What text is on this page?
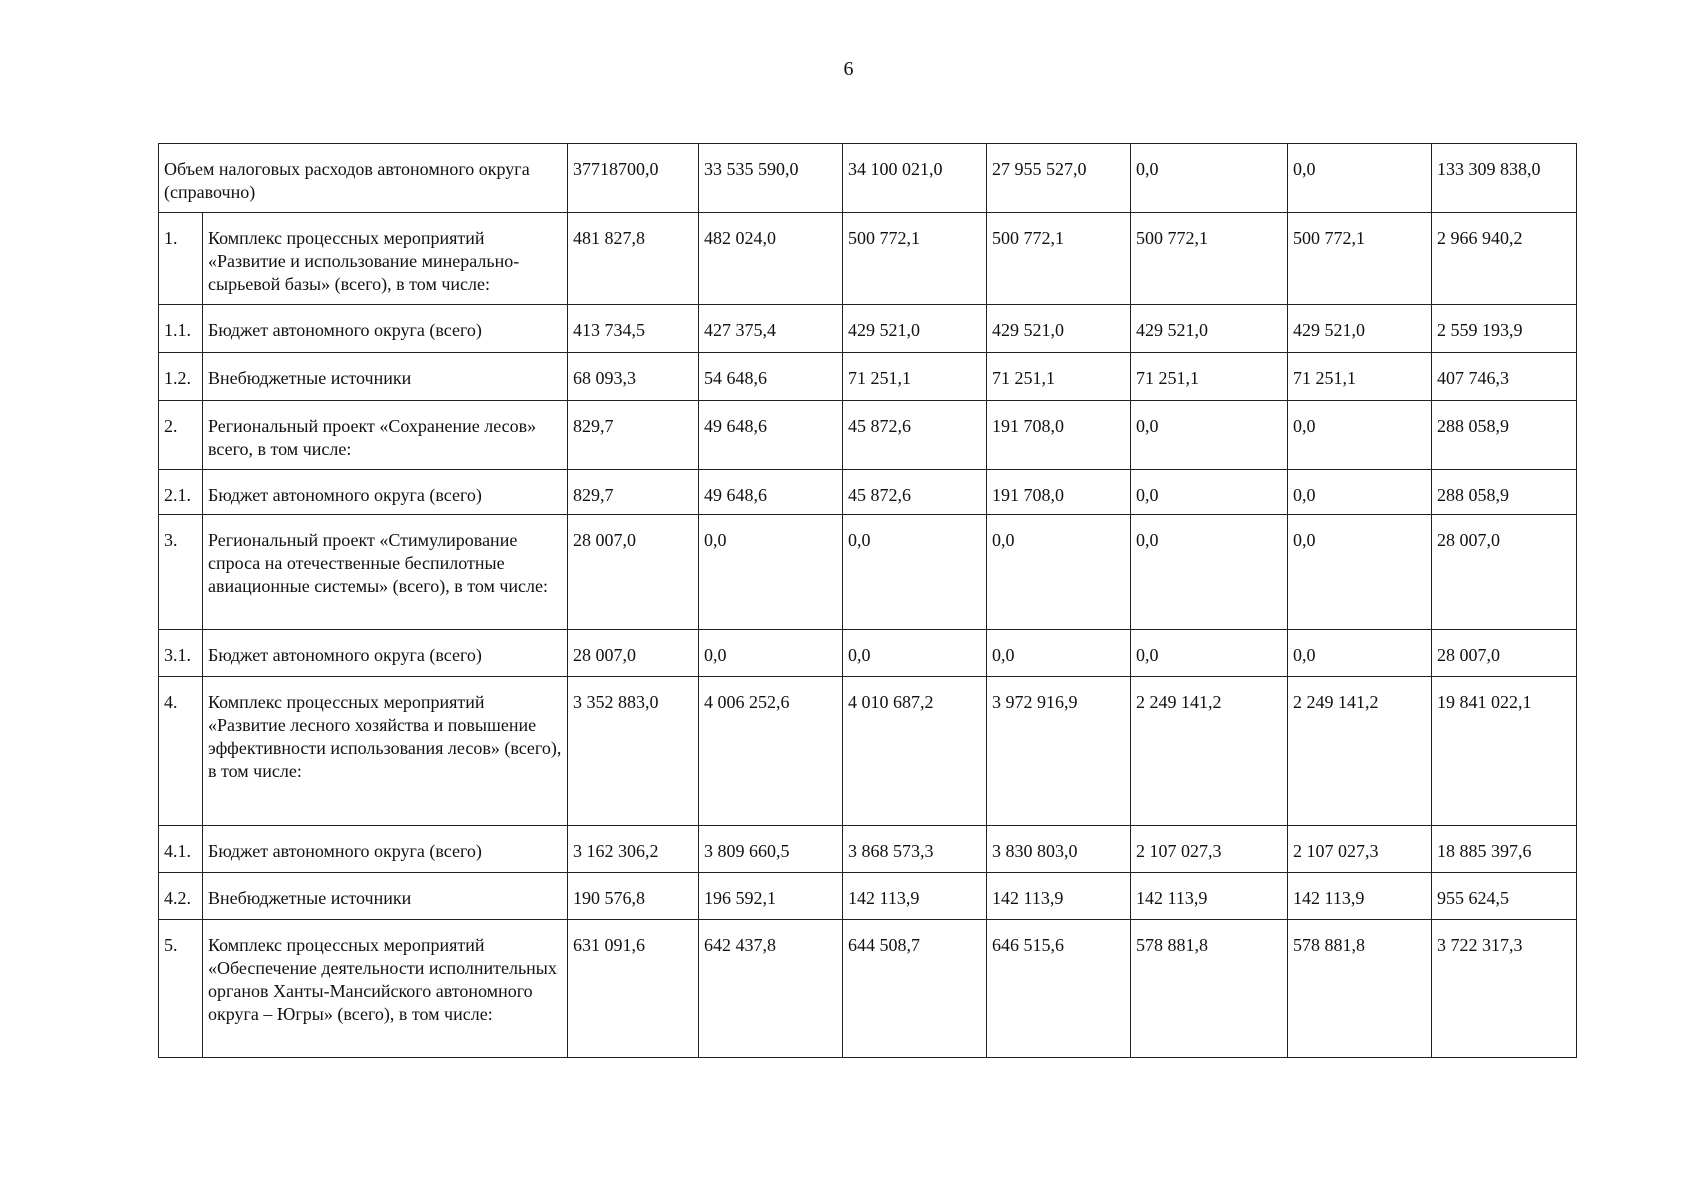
6
Объем налоговых расходов автономного округа (справочно)		37718700,0	33 535 590,0	34 100 021,0	27 955 527,0	0,0	0,0	133 309 838,0
1.	Комплекс процессных мероприятий «Развитие и использование минерально-сырьевой базы» (всего), в том числе:	481 827,8	482 024,0	500 772,1	500 772,1	500 772,1	500 772,1	2 966 940,2
1.1.	Бюджет автономного округа (всего)	413 734,5	427 375,4	429 521,0	429 521,0	429 521,0	429 521,0	2 559 193,9
1.2.	Внебюджетные источники	68 093,3	54 648,6	71 251,1	71 251,1	71 251,1	71 251,1	407 746,3
2.	Региональный проект «Сохранение лесов» всего, в том числе:	829,7	49 648,6	45 872,6	191 708,0	0,0	0,0	288 058,9
2.1.	Бюджет автономного округа (всего)	829,7	49 648,6	45 872,6	191 708,0	0,0	0,0	288 058,9
3.	Региональный проект «Стимулирование спроса на отечественные беспилотные авиационные системы» (всего), в том числе:	28 007,0	0,0	0,0	0,0	0,0	0,0	28 007,0
3.1.	Бюджет автономного округа (всего)	28 007,0	0,0	0,0	0,0	0,0	0,0	28 007,0
4.	Комплекс процессных мероприятий «Развитие лесного хозяйства и повышение эффективности использования лесов» (всего), в том числе:	3 352 883,0	4 006 252,6	4 010 687,2	3 972 916,9	2 249 141,2	2 249 141,2	19 841 022,1
4.1.	Бюджет автономного округа (всего)	3 162 306,2	3 809 660,5	3 868 573,3	3 830 803,0	2 107 027,3	2 107 027,3	18 885 397,6
4.2.	Внебюджетные источники	190 576,8	196 592,1	142 113,9	142 113,9	142 113,9	142 113,9	955 624,5
5.	Комплекс процессных мероприятий «Обеспечение деятельности исполнительных органов Ханты-Мансийского автономного округа – Югры» (всего), в том числе:	631 091,6	642 437,8	644 508,7	646 515,6	578 881,8	578 881,8	3 722 317,3
